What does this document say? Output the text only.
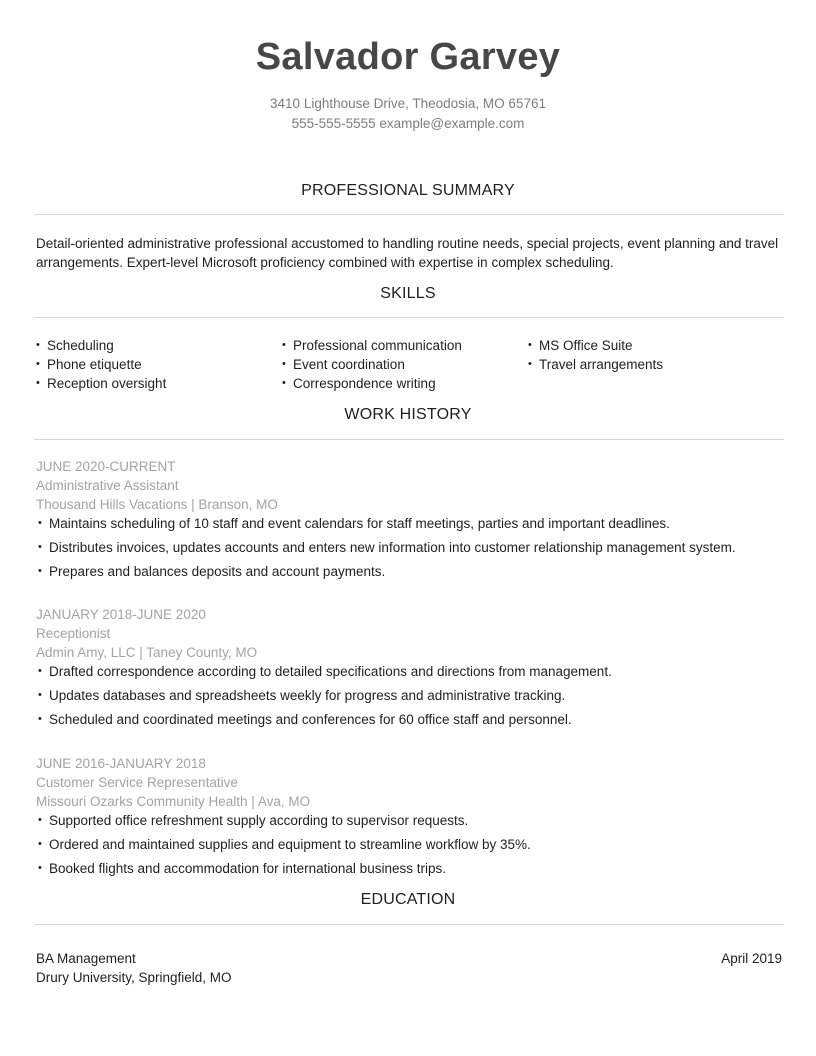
Salvador Garvey
3410 Lighthouse Drive, Theodosia, MO 65761
555-555-5555 example@example.com
PROFESSIONAL SUMMARY
Detail-oriented administrative professional accustomed to handling routine needs, special projects, event planning and travel arrangements. Expert-level Microsoft proficiency combined with expertise in complex scheduling.
SKILLS
• Scheduling
• Phone etiquette
• Reception oversight
• Professional communication
• Event coordination
• Correspondence writing
• MS Office Suite
• Travel arrangements
WORK HISTORY
JUNE 2020-CURRENT
Administrative Assistant
Thousand Hills Vacations | Branson, MO
• Maintains scheduling of 10 staff and event calendars for staff meetings, parties and important deadlines.
• Distributes invoices, updates accounts and enters new information into customer relationship management system.
• Prepares and balances deposits and account payments.
JANUARY 2018-JUNE 2020
Receptionist
Admin Amy, LLC | Taney County, MO
• Drafted correspondence according to detailed specifications and directions from management.
• Updates databases and spreadsheets weekly for progress and administrative tracking.
• Scheduled and coordinated meetings and conferences for 60 office staff and personnel.
JUNE 2016-JANUARY 2018
Customer Service Representative
Missouri Ozarks Community Health | Ava, MO
• Supported office refreshment supply according to supervisor requests.
• Ordered and maintained supplies and equipment to streamline workflow by 35%.
• Booked flights and accommodation for international business trips.
EDUCATION
BA Management
Drury University, Springfield, MO
April 2019
